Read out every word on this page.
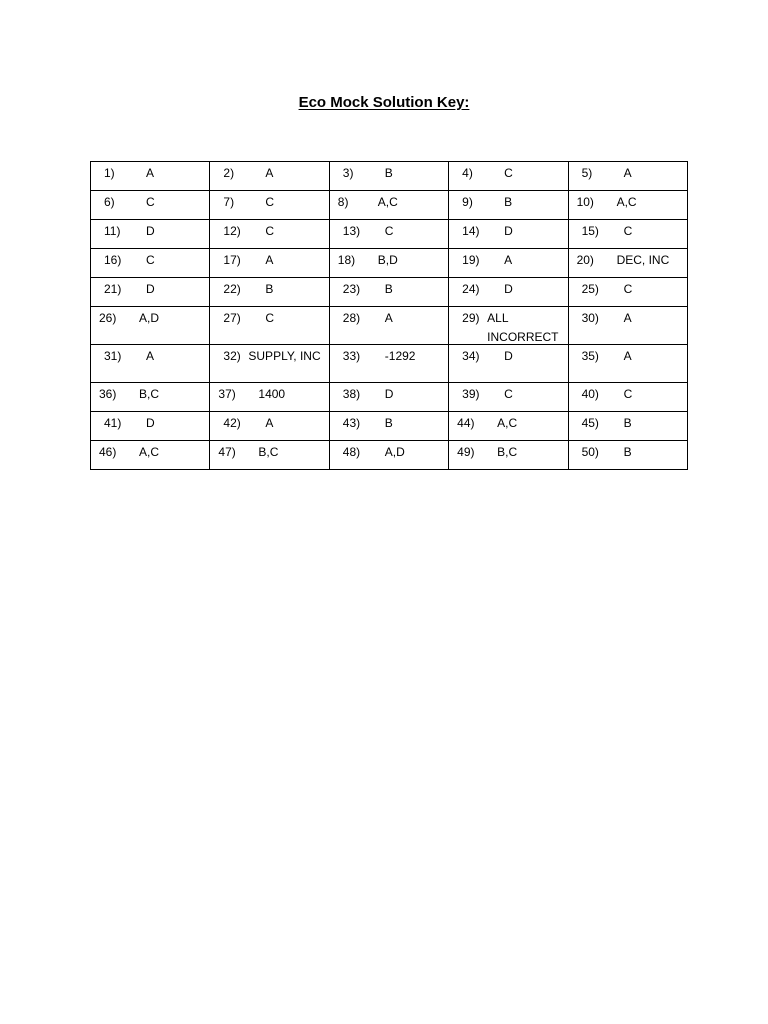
Eco Mock Solution Key:
1) A	2) A	3) B	4) C	5) A

6) C	7) C	8) A,C	9) B	10) A,C

11) D	12) C	13) C	14) D	15) C

16) C	17) A	18) B,D	19) A	20) DEC, INC

21) D	22) B	23) B	24) D	25) C

26) A,D	27) C	28) A	29) ALL INCORRECT	30) A

31) A	32) SUPPLY, INC	33) -1292	34) D	35) A

36) B,C	37) 1400	38) D	39) C	40) C

41) D	42) A	43) B	44) A,C	45) B

46) A,C	47) B,C	48) A,D	49) B,C	50) B
